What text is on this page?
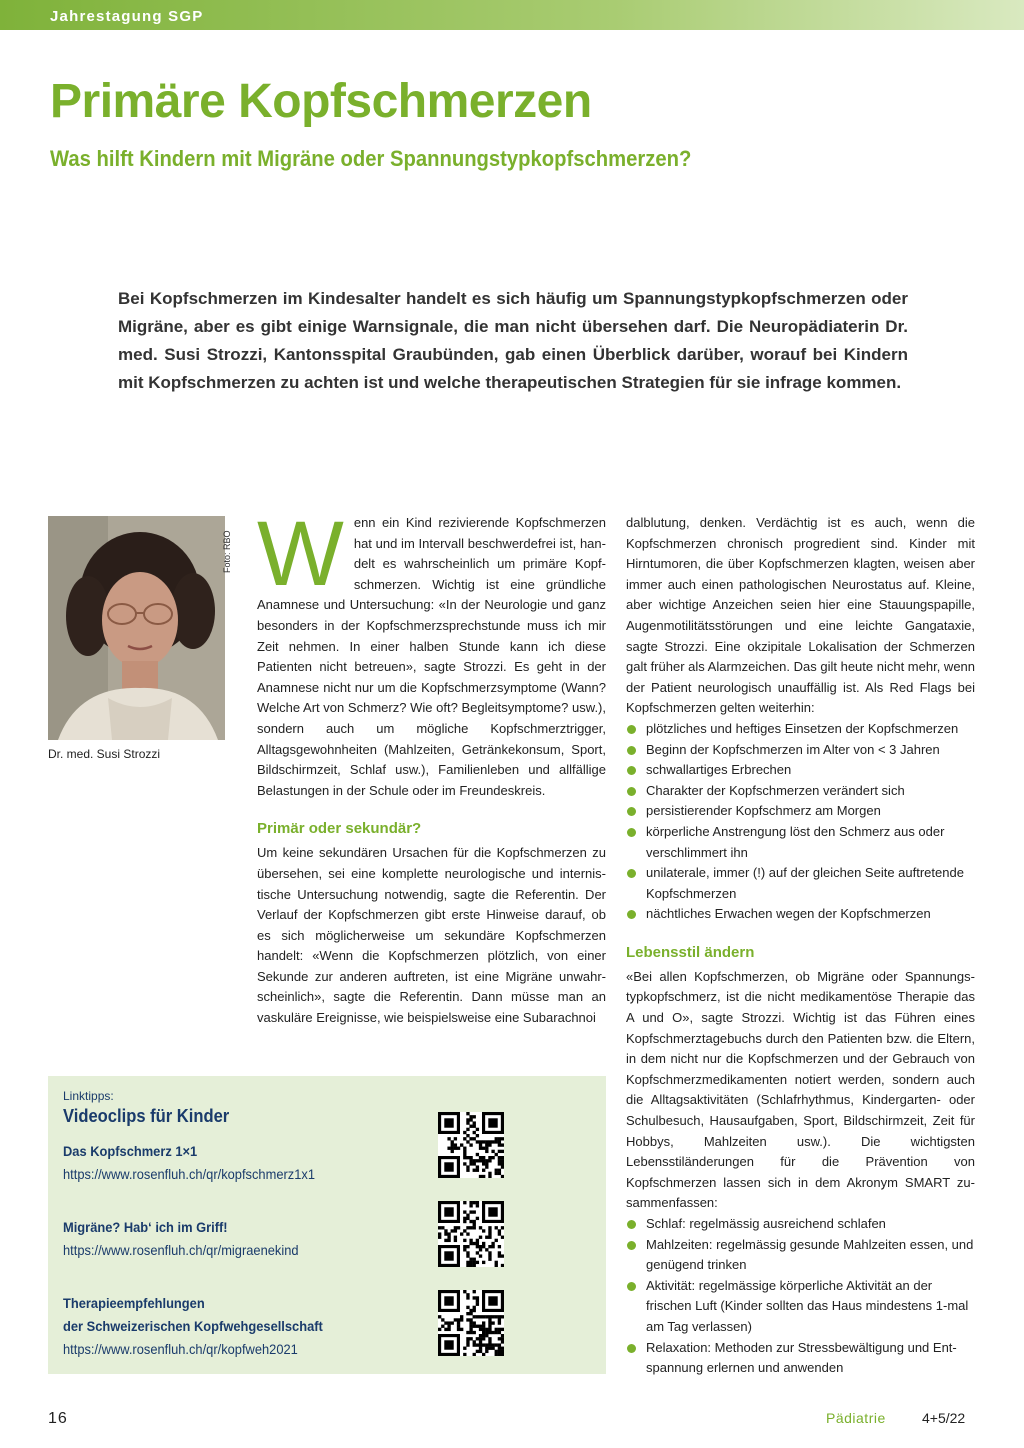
Jahrestagung SGP
Primäre Kopfschmerzen
Was hilft Kindern mit Migräne oder Spannungstypkopfschmerzen?

Bei Kopfschmerzen im Kindesalter handelt es sich häufig um Spannungstypkopfschmerzen oder Migräne, aber es gibt einige Warnsignale, die man nicht übersehen darf. Die Neuropädiaterin Dr. med. Susi Strozzi, Kantonsspital Graubünden, gab einen Überblick darüber, worauf bei Kindern mit Kopfschmerzen zu achten ist und welche therapeutischen Strategien für sie infrage kommen.

Foto: RBO
Dr. med. Susi Strozzi

W enn ein Kind rezivierende Kopfschmerzen hat und im Intervall beschwerdefrei ist, handelt es wahrscheinlich um primäre Kopfschmerzen. Wichtig ist eine gründliche Anamnese und Untersuchung: «In der Neurologie und ganz besonders in der Kopfschmerzsprechstunde muss ich mir Zeit nehmen. In einer halben Stunde kann ich diese Patienten nicht betreuen», sagte Strozzi. Es geht in der Anamnese nicht nur um die Kopfschmerzsymptome (Wann? Welche Art von Schmerz? Wie oft? Begleitsymptome? usw.), sondern auch um mögliche Kopfschmerztrigger, Alltagsgewohnheiten (Mahlzeiten, Getränkekonsum, Sport, Bildschirmzeit, Schlaf usw.), Familienleben und allfällige Belastungen in der Schule oder im Freundeskreis.

Primär oder sekundär?

Um keine sekundären Ursachen für die Kopfschmerzen zu übersehen, sei eine komplette neurologische und internistische Untersuchung notwendig, sagte die Referentin. Der Verlauf der Kopfschmerzen gibt erste Hinweise darauf, ob es sich möglicherweise um sekundäre Kopfschmerzen handelt: «Wenn die Kopfschmerzen plötzlich, von einer Sekunde zur anderen auftreten, ist eine Migräne unwahrscheinlich», sagte die Referentin. Dann müsse man an vaskuläre Ereignisse, wie beispielsweise eine Subarachnoi

dalblutung, denken. Verdächtig ist es auch, wenn die Kopfschmerzen chronisch progredient sind. Kinder mit Hirntumoren, die über Kopfschmerzen klagten, weisen aber immer auch einen pathologischen Neurostatus auf. Kleine, aber wichtige Anzeichen seien hier eine Stauungspapille, Augenmotilitätsstörungen und eine leichte Gangataxie, sagte Strozzi. Eine okzipitale Lokalisation der Schmerzen galt früher als Alarmzeichen. Das gilt heute nicht mehr, wenn der Patient neurologisch unauffällig ist. Als Red Flags bei Kopfschmerzen gelten weiterhin:

plötzliches und heftiges Einsetzen der Kopfschmerzen
Beginn der Kopfschmerzen im Alter von < 3 Jahren
schwallartiges Erbrechen
Charakter der Kopfschmerzen verändert sich
persistierender Kopfschmerz am Morgen
körperliche Anstrengung löst den Schmerz aus oder verschlimmert ihn
unilaterale, immer (!) auf der gleichen Seite auftretende Kopfschmerzen
nächtliches Erwachen wegen der Kopfschmerzen
Lebensstil ändern

«Bei allen Kopfschmerzen, ob Migräne oder Spannungstypkopfschmerz, ist die nicht medikamentöse Therapie das A und O», sagte Strozzi. Wichtig ist das Führen eines Kopfschmerztagebuchs durch den Patienten bzw. die Eltern, in dem nicht nur die Kopfschmerzen und der Gebrauch von Kopfschmerzmedikamenten notiert werden, sondern auch die Alltagsaktivitäten (Schlafrhythmus, Kindergarten- oder Schulbesuch, Hausaufgaben, Sport, Bildschirmzeit, Zeit für Hobbys, Mahlzeiten usw.). Die wichtigsten Lebensstiländerungen für die Prävention von Kopfschmerzen lassen sich in dem Akronym SMART zusammenfassen:

Schlaf: regelmässig ausreichend schlafen
Mahlzeiten: regelmässig gesunde Mahlzeiten essen, und genügend trinken
Aktivität: regelmässige körperliche Aktivität an der frischen Luft (Kinder sollten das Haus mindestens 1-mal am Tag verlassen)
Relaxation: Methoden zur Stressbewältigung und Entspannung erlernen und anwenden
Linktipps:
Videoclips für Kinder
Das Kopfschmerz 1×1
https://www.rosenfluh.ch/qr/kopfschmerz1x1
Migräne? Hab‘ ich im Griff!
https://www.rosenfluh.ch/qr/migraenekind
Therapieempfehlungen
der Schweizerischen Kopfwehgesellschaft
https://www.rosenfluh.ch/qr/kopfweh2021
16	Pädiatrie	4+5/22
